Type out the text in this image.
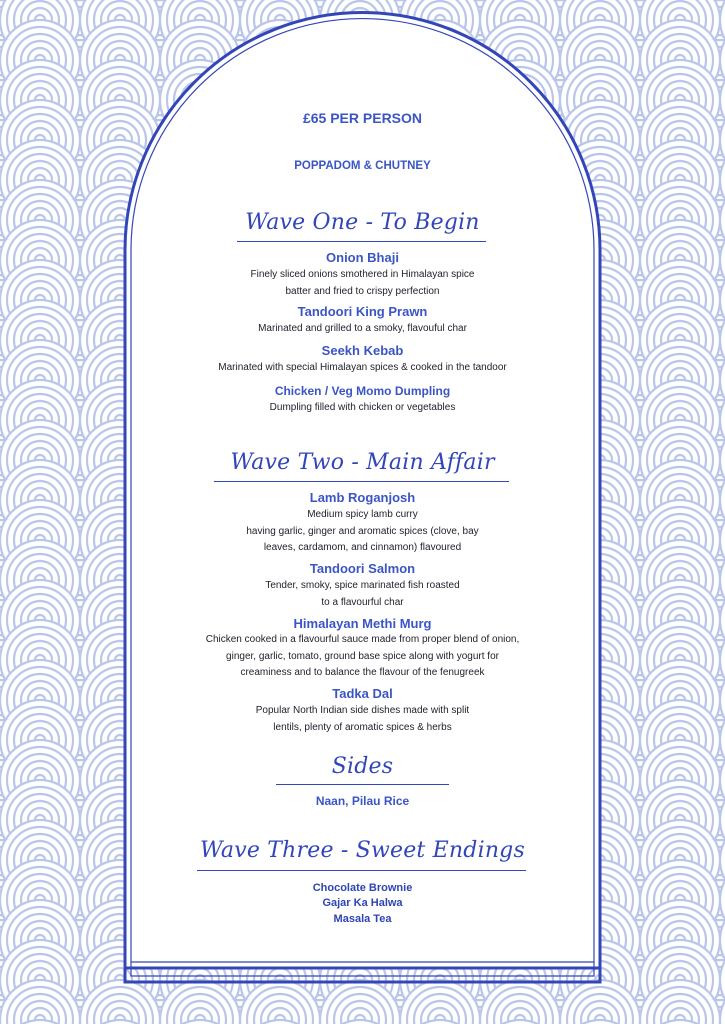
£65 PER PERSON
POPPADOM & CHUTNEY
Wave One - To Begin
Onion Bhaji
Finely sliced onions smothered in Himalayan spice
batter and fried to crispy perfection
Tandoori King Prawn
Marinated and grilled to a smoky, flavouful char
Seekh Kebab
Marinated with special Himalayan spices & cooked in the tandoor
Chicken / Veg Momo Dumpling
Dumpling filled with chicken or vegetables
Wave Two - Main Affair
Lamb Roganjosh
Medium spicy lamb curry
having garlic, ginger and aromatic spices (clove, bay
leaves, cardamom, and cinnamon) flavoured
Tandoori Salmon
Tender, smoky, spice marinated fish roasted
to a flavourful char
Himalayan Methi Murg
Chicken cooked in a flavourful sauce made from proper blend of onion,
ginger, garlic, tomato, ground base spice along with yogurt for
creaminess and to balance the flavour of the fenugreek
Tadka Dal
Popular North Indian side dishes made with split
lentils, plenty of aromatic spices & herbs
Sides
Naan, Pilau Rice
Wave Three - Sweet Endings
Chocolate Brownie
Gajar Ka Halwa
Masala Tea
